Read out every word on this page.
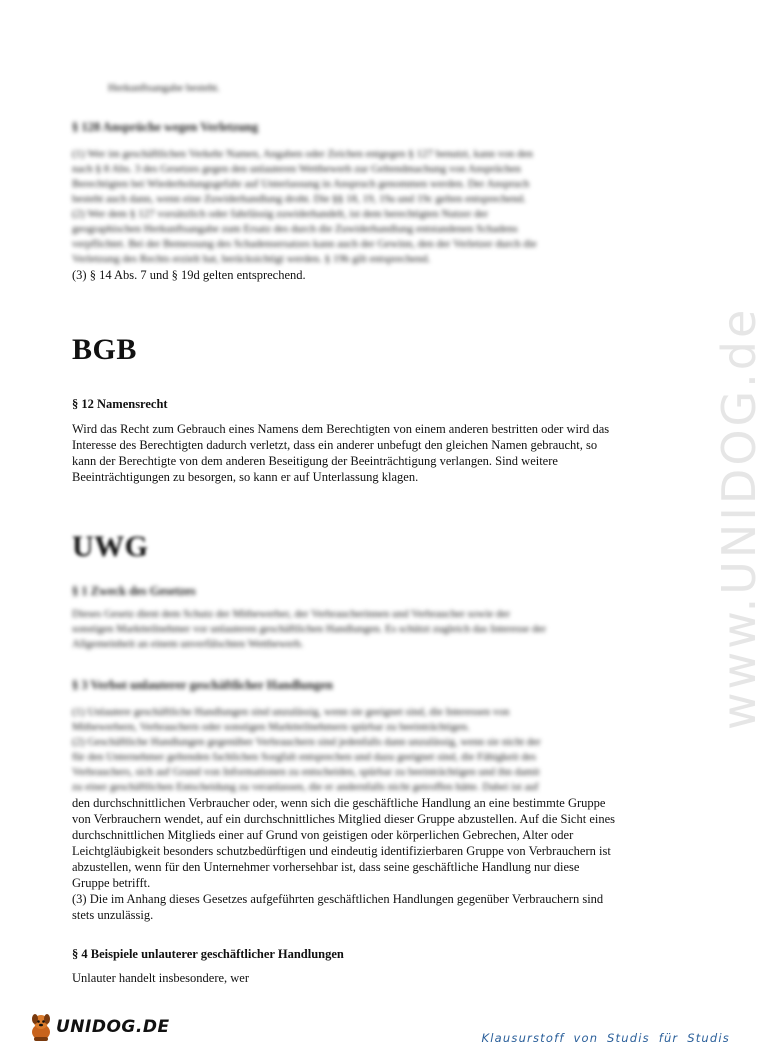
www.UNIDOG.de

Herkunftsangabe besteht.

§ 128 Ansprüche wegen Verletzung

(1) Wer im geschäftlichen Verkehr Namen, Angaben oder Zeichen entgegen § 127 benutzt, kann von den
nach § 8 Abs. 3 des Gesetzes gegen den unlauteren Wettbewerb zur Geltendmachung von Ansprüchen
Berechtigten bei Wiederholungsgefahr auf Unterlassung in Anspruch genommen werden. Der Anspruch
besteht auch dann, wenn eine Zuwiderhandlung droht. Die §§ 18, 19, 19a und 19c gelten entsprechend.
(2) Wer dem § 127 vorsätzlich oder fahrlässig zuwiderhandelt, ist dem berechtigten Nutzer der
geographischen Herkunftsangabe zum Ersatz des durch die Zuwiderhandlung entstandenen Schadens
verpflichtet. Bei der Bemessung des Schadensersatzes kann auch der Gewinn, den der Verletzer durch die
Verletzung des Rechts erzielt hat, berücksichtigt werden. § 19b gilt entsprechend.

(3) § 14 Abs. 7 und § 19d gelten entsprechend.

BGB

§ 12 Namensrecht

Wird das Recht zum Gebrauch eines Namens dem Berechtigten von einem anderen bestritten oder wird das
Interesse des Berechtigten dadurch verletzt, dass ein anderer unbefugt den gleichen Namen gebraucht, so
kann der Berechtigte von dem anderen Beseitigung der Beeinträchtigung verlangen. Sind weitere
Beeinträchtigungen zu besorgen, so kann er auf Unterlassung klagen.
UWG

§ 1 Zweck des Gesetzes

Dieses Gesetz dient dem Schutz der Mitbewerber, der Verbraucherinnen und Verbraucher sowie der
sonstigen Marktteilnehmer vor unlauteren geschäftlichen Handlungen. Es schützt zugleich das Interesse der
Allgemeinheit an einem unverfälschten Wettbewerb.

§ 3 Verbot unlauterer geschäftlicher Handlungen

(1) Unlautere geschäftliche Handlungen sind unzulässig, wenn sie geeignet sind, die Interessen von
Mitbewerbern, Verbrauchern oder sonstigen Marktteilnehmern spürbar zu beeinträchtigen.
(2) Geschäftliche Handlungen gegenüber Verbrauchern sind jedenfalls dann unzulässig, wenn sie nicht der
für den Unternehmer geltenden fachlichen Sorgfalt entsprechen und dazu geeignet sind, die Fähigkeit des
Verbrauchers, sich auf Grund von Informationen zu entscheiden, spürbar zu beeinträchtigen und ihn damit
zu einer geschäftlichen Entscheidung zu veranlassen, die er andernfalls nicht getroffen hätte. Dabei ist auf
den durchschnittlichen Verbraucher oder, wenn sich die geschäftliche Handlung an eine bestimmte Gruppe
von Verbrauchern wendet, auf ein durchschnittliches Mitglied dieser Gruppe abzustellen. Auf die Sicht eines
durchschnittlichen Mitglieds einer auf Grund von geistigen oder körperlichen Gebrechen, Alter oder
Leichtgläubigkeit besonders schutzbedürftigen und eindeutig identifizierbaren Gruppe von Verbrauchern ist
abzustellen, wenn für den Unternehmer vorhersehbar ist, dass seine geschäftliche Handlung nur diese
Gruppe betrifft.
(3) Die im Anhang dieses Gesetzes aufgeführten geschäftlichen Handlungen gegenüber Verbrauchern sind
stets unzulässig.

§ 4 Beispiele unlauterer geschäftlicher Handlungen

Unlauter handelt insbesondere, wer

UNIDOG.DE
Klausurstoff von Studis für Studis
